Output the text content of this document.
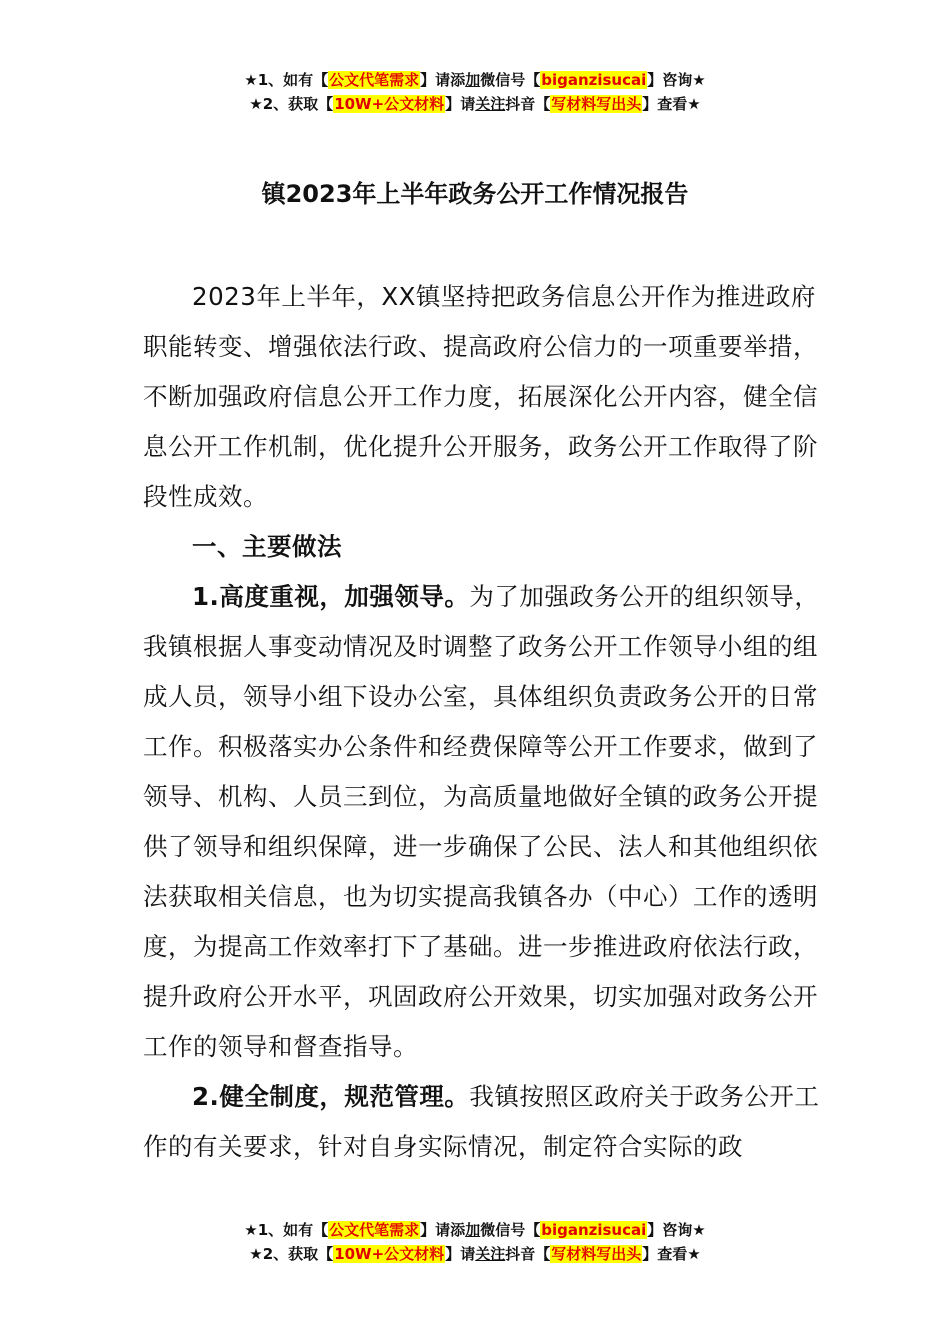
★1、如有【公文代笔需求】请添加微信号【biganzisucai】咨询★
★2、获取【10W+公文材料】请关注抖音【写材料写出头】查看★
镇2023年上半年政务公开工作情况报告

2023年上半年，XX镇坚持把政务信息公开作为推进政府职能转变、增强依法行政、提高政府公信力的一项重要举措，不断加强政府信息公开工作力度，拓展深化公开内容，健全信息公开工作机制，优化提升公开服务，政务公开工作取得了阶段性成效。

一、主要做法

1.高度重视，加强领导。为了加强政务公开的组织领导，我镇根据人事变动情况及时调整了政务公开工作领导小组的组成人员，领导小组下设办公室，具体组织负责政务公开的日常工作。积极落实办公条件和经费保障等公开工作要求，做到了领导、机构、人员三到位，为高质量地做好全镇的政务公开提供了领导和组织保障，进一步确保了公民、法人和其他组织依法获取相关信息，也为切实提高我镇各办（中心）工作的透明度，为提高工作效率打下了基础。进一步推进政府依法行政，提升政府公开水平，巩固政府公开效果，切实加强对政务公开工作的领导和督查指导。

2.健全制度，规范管理。我镇按照区政府关于政务公开工作的有关要求，针对自身实际情况，制定符合实际的政

★1、如有【公文代笔需求】请添加微信号【biganzisucai】咨询★
★2、获取【10W+公文材料】请关注抖音【写材料写出头】查看★
